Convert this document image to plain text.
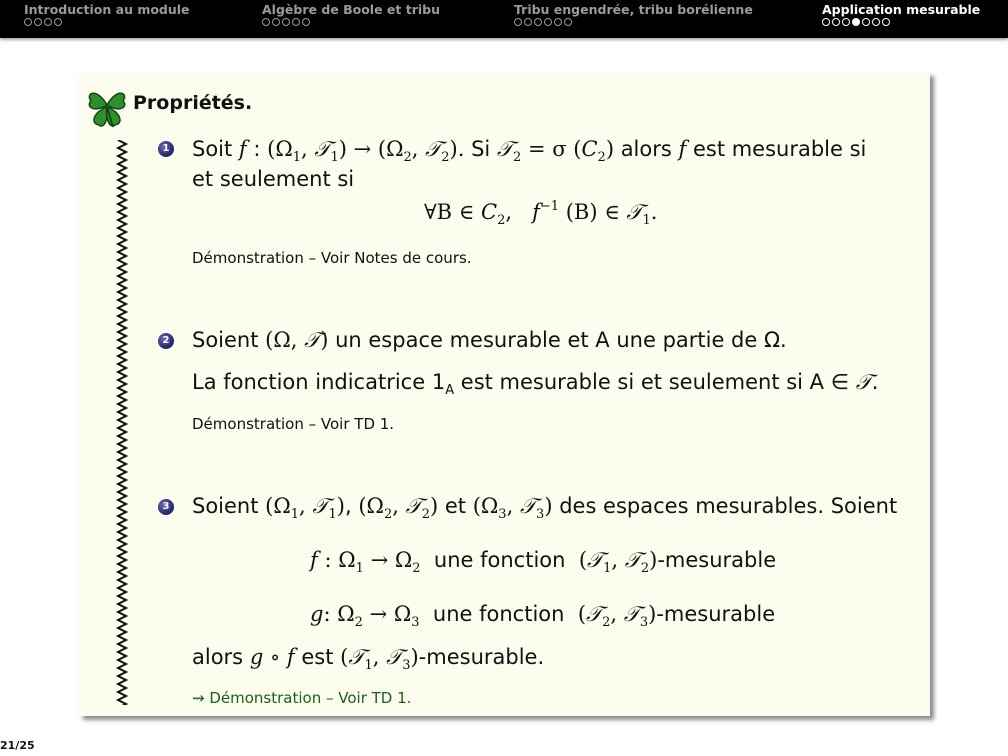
Introduction au module	Algèbre de Boole et tribu	Tribu engendrée, tribu borélienne	Application mesurable
Propriétés.
1 Soit f : ($\Omega_1$, 𝒯$_1$) → ($\Omega_2$, 𝒯$_2$). Si 𝒯$_2$ = σ $(C_2)$ alors f est mesurable si
et seulement si
∀B ∈ $C_2$,   $f^{-1}$ (B) ∈ 𝒯$_1$.
Démonstration – Voir Notes de cours.
2 Soient (Ω, 𝒯) un espace mesurable et A une partie de Ω.
La fonction indicatrice $1_A$ est mesurable si et seulement si A ∈ 𝒯.
Démonstration – Voir TD 1.
3 Soient ($\Omega_1$, 𝒯$_1$), ($\Omega_2$, 𝒯$_2$) et ($\Omega_3$, 𝒯$_3$) des espaces mesurables. Soient
f : $\Omega_1 \to \Omega_2$ une fonction (𝒯$_1$, 𝒯$_2$)-mesurable
g: $\Omega_2 \to \Omega_3$ une fonction (𝒯$_2$, 𝒯$_3$)-mesurable
alors g ∘ f est (𝒯$_1$, 𝒯$_3$)-mesurable.
⇝ Démonstration – Voir TD 1.
21/25
